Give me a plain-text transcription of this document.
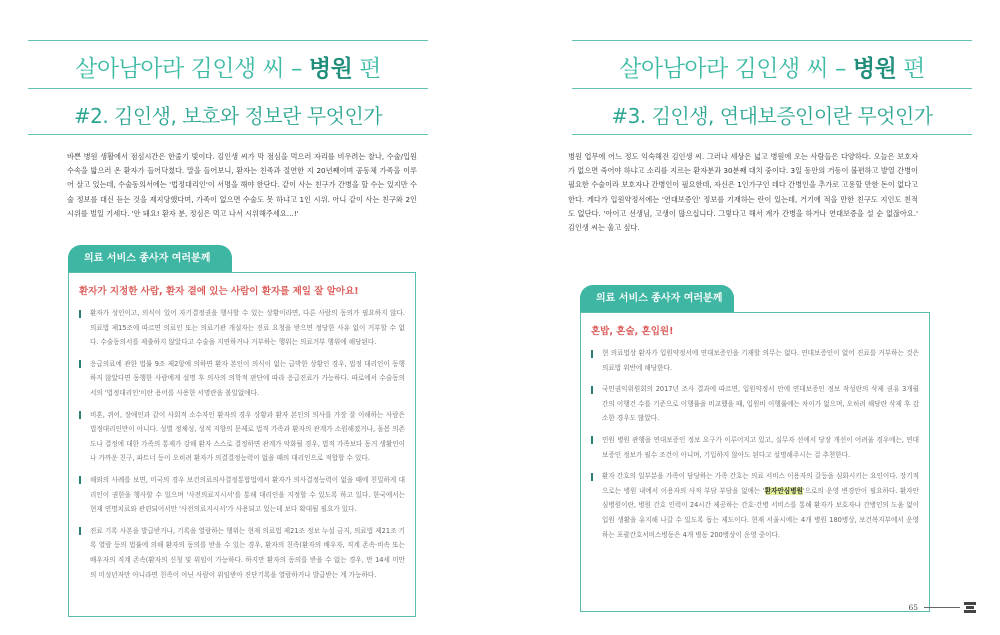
살아남아라 김인생 씨 – 병원 편
#2. 김인생, 보호와 정보란 무엇인가

바쁜 병원 생활에서 점심시간은 한줄기 빛이다. 김인생 씨가 막 점심을 먹으러 자리를 비우려는 찰나, 수술/입원 수속을 밟으러 온 환자가 들어닥쳤다. 말을 들어보니, 환자는 친족과 절연한 지 20년째이며 공동체 가족을 이루어 살고 있는데, 수술동의서에는 '법정대리인'이 서명을 해야 한단다. 같이 사는 친구가 간병을 할 수는 있지만 수술 정보를 대신 듣는 것을 제지당했다며, 가족이 없으면 수술도 못 하냐고 1인 시위. 아니 같이 사는 친구와 2인 시위를 벌일 기세다. '안 돼요! 환자 분, 정심은 먹고 나서 시위해주세요…!'

의료 서비스 종사자 여러분께
환자가 지정한 사람, 환자 곁에 있는 사람이 환자를 제일 잘 알아요!
환자가 성인이고, 의식이 있어 자기결정권을 행사할 수 있는 상황이라면, 다른 사람의 동의가 필요하지 않다. 의료법 제15조에 따르면 의료인 또는 의료기관 개설자는 진료 요청을 받으면 정당한 사유 없이 거부할 수 없다. 수술동의서를 제출하지 않았다고 수술을 지연하거나 거부하는 행위는 의료거부 행위에 해당된다.
응급의료에 관한 법률 9조 제2항에 의하면 환자 본인이 의식이 없는 급박한 상황인 경우, 법정 대리인이 동행하지 않았다면 동행한 사람에게 설명 후 의사의 의학적 판단에 따라 응급진료가 가능하다. 따로에서 수술동의서의 '법정대리인'이란 용어를 사용한 서명란을 볼일없애다.
비혼, 퀴어, 장애인과 같이 사회적 소수자인 환자의 경우 상황과 환자 본인의 의사를 가장 잘 이해하는 사람은 법정대리인만이 아니다. 성별 정체성, 성적 지향의 문제로 법적 가족과 환자의 관계가 소원해졌거나, 돌봄 의존도나 결정에 대한 가족의 통제가 강해 환자 스스로 결정하면 관계가 악화될 경우, 법적 가족보다 동거 생활인이나 가까운 친구, 파트너 등이 오히려 환자가 의결결정능력이 없을 때의 대리인으로 적합할 수 있다.
해외의 사례를 보면, 미국의 경우 보건의료의사결정통합법에서 환자가 의사결정능력이 없을 때에 친밀하게 대리인이 권한을 행사할 수 있으며 '사전의료지시서'를 통해 대리인을 지정할 수 있도록 하고 있다. 한국에서는 현재 연명치료와 관련되어서만 '사전의료지시서'가 사용되고 있는데 보다 확대될 필요가 있다.
진료 기록 사본을 발급받거나, 기록을 열람하는 행위는 현재 의료법 제21조 정보 누설 금지, 의료법 제21조 기록 열람 등의 법률에 의해 환자의 동의를 받을 수 있는 경우, 환자의 친족(환자의 배우자, 직계 존속·비속 또는 배우자의 직계 존속(환자의 신청 및 위임이 가능하다. 하지만 환자의 동의를 받을 수 없는 경우, 만 14세 미만의 미성년자만 아니라면 친족이 아닌 사람이 위임받아 진단기록을 열람하거나 발급받는 게 가능하다.
살아남아라 김인생 씨 – 병원 편
#3. 김인생, 연대보증인이란 무엇인가

병원 업무에 어느 정도 익숙해진 김인생 씨. 그러나 세상은 넓고 병원에 오는 사람들은 다양하다. 오늘은 보호자가 없으면 죽어야 하냐고 소리를 지르는 환자분과 30분째 대치 중이다. 3일 동안의 거동이 불편하고 발열 간병이 필요한 수술이라 보호자나 간병인이 필요한데, 자신은 1인가구인 데다 간병인을 추가로 고용할 만한 돈이 없다고 한다. 게다가 입원약정서에는 '연대보증인' 정보를 기재하는 란이 있는데, 거기에 적을 만한 친구도 지인도 친적도 없단다. '아이고 선생님, 고생이 많으십니다. 그렇다고 해서 계가 간병을 하거나 연대보증을 설 순 없잖아요.' 김인생 씨는 울고 싶다.

의료 서비스 종사자 여러분께
혼밥, 혼술, 혼입원!
현 의료법상 환자가 입원약정서에 연대보증인을 기재할 의무는 없다. 연대보증인이 없어 진료를 거부하는 것은 의료법 위반에 해당한다.
국민권익위원회의 2017년 조사 결과에 따르면, 입원약정서 안에 연대보증인 정보 작성란의 삭제 권유 3개월 간의 이행건 수를 기준으로 이행률을 비교했을 때, 입원비 이행률에는 차이가 없으며, 오히려 해당란 삭제 후 감소한 경우도 많았다.
민원 병원 관행을 연대보증인 정보 요구가 이루어지고 있고, 실무자 선에서 당장 개선이 어려울 경우에는, 연대보증인 정보가 필수 조건이 아니며, 기입하지 않아도 된다고 설명해주시는 걸 추천한다.
환자 간호의 일부분을 가족이 담당하는 가족 간호는 의료 서비스 이용자의 갈등을 심화시키는 요인이다. 장기적으로는 병원 내에서 이용자의 사적 부담 부담을 없애는 '환자안심병원'으로의 운영 변경안이 필요하다. 환자안심병원이란, 병원 간호 인력이 24시간 제공하는 간호·간병 서비스를 통해 환자가 보호자나 간병인의 도움 없이 입원 생활을 유지해 나갈 수 있도록 돕는 제도이다. 현재 서울시에는 4개 병원 180병상, 보건복지부에서 운영하는 포괄간호서비스병동은 4개 병동 200병상이 운영 중이다.
65
